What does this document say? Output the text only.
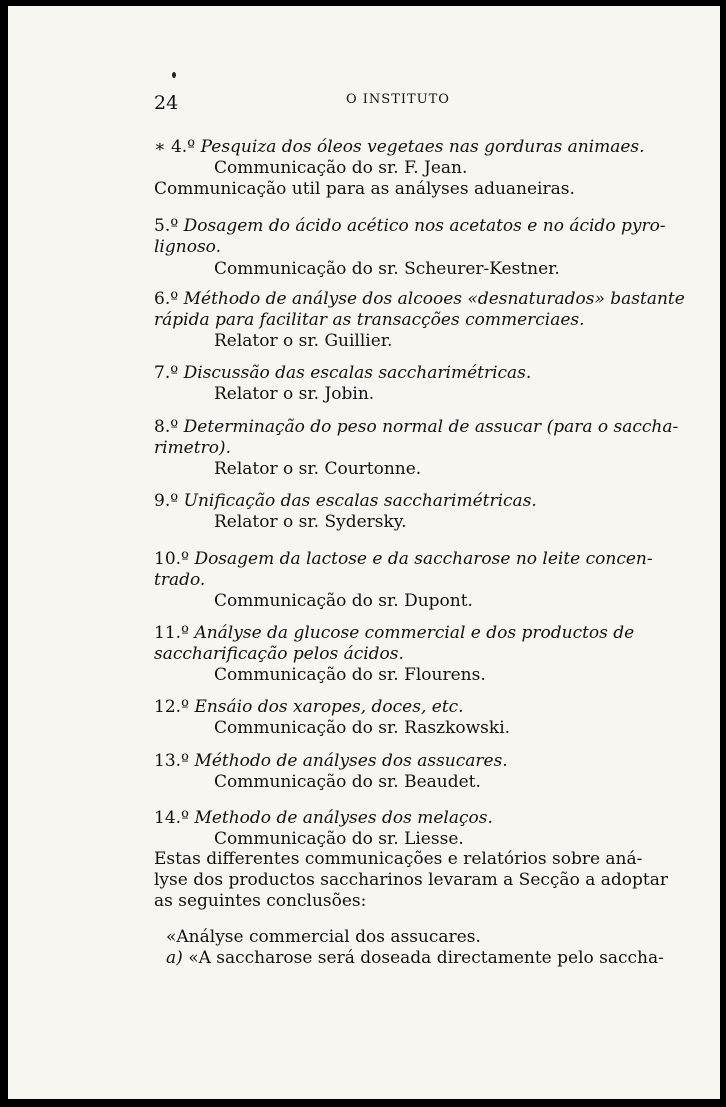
24	O INSTITUTO
∗ 4.º Pesquiza dos óleos vegetaes nas gorduras animaes.
Communicação do sr. F. Jean.
Communicação util para as anályses aduaneiras.
5.º Dosagem do ácido acético nos acetatos e no ácido pyro-
lignoso.
Communicação do sr. Scheurer-Kestner.
6.º Méthodo de anályse dos alcooes «desnaturados» bastante
rápida para facilitar as transacções commerciaes.
Relator o sr. Guillier.
7.º Discussão das escalas saccharimétricas.
Relator o sr. Jobin.
8.º Determinação do peso normal de assucar (para o saccha-
rimetro).
Relator o sr. Courtonne.
9.º Unificação das escalas saccharimétricas.
Relator o sr. Sydersky.
10.º Dosagem da lactose e da saccharose no leite concen-
trado.
Communicação do sr. Dupont.
11.º Anályse da glucose commercial e dos productos de
saccharificação pelos ácidos.
Communicação do sr. Flourens.
12.º Ensáio dos xaropes, doces, etc.
Communicação do sr. Raszkowski.
13.º Méthodo de anályses dos assucares.
Communicação do sr. Beaudet.
14.º Methodo de anályses dos melaços.
Communicação do sr. Liesse.
Estas differentes communicações e relatórios sobre aná-
lyse dos productos saccharinos levaram a Secção a adoptar
as seguintes conclusões:
«Anályse commercial dos assucares.
a) «A saccharose será doseada directamente pelo saccha-
